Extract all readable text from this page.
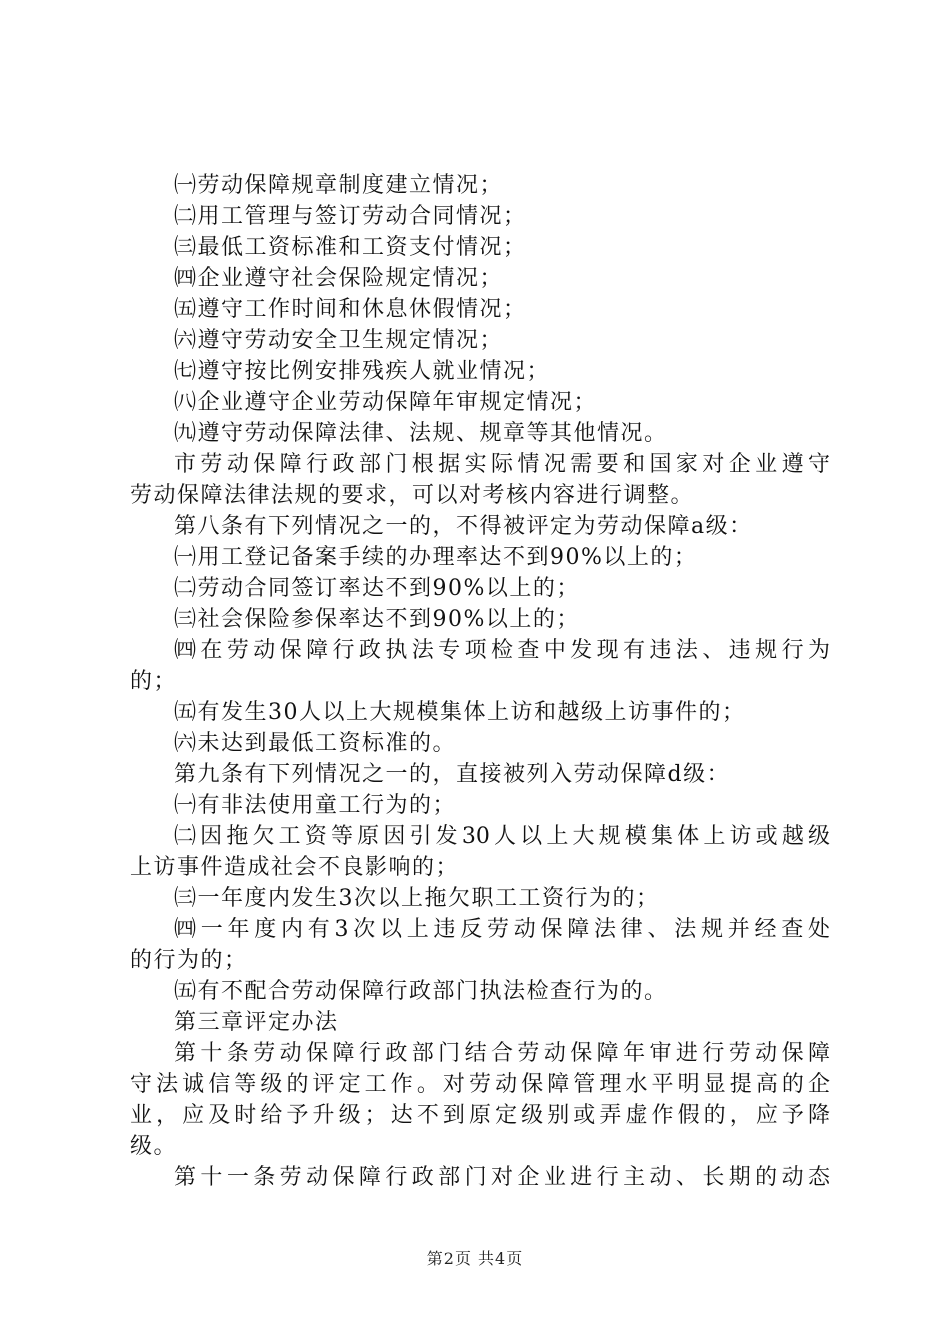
㈠劳动保障规章制度建立情况；
㈡用工管理与签订劳动合同情况；
㈢最低工资标准和工资支付情况；
㈣企业遵守社会保险规定情况；
㈤遵守工作时间和休息休假情况；
㈥遵守劳动安全卫生规定情况；
㈦遵守按比例安排残疾人就业情况；
㈧企业遵守企业劳动保障年审规定情况；
㈨遵守劳动保障法律、法规、规章等其他情况。
市劳动保障行政部门根据实际情况需要和国家对企业遵守
劳动保障法律法规的要求，可以对考核内容进行调整。
第八条有下列情况之一的，不得被评定为劳动保障a级：
㈠用工登记备案手续的办理率达不到90%以上的；
㈡劳动合同签订率达不到90%以上的；
㈢社会保险参保率达不到90%以上的；
㈣在劳动保障行政执法专项检查中发现有违法、违规行为
的；
㈤有发生30人以上大规模集体上访和越级上访事件的；
㈥未达到最低工资标准的。
第九条有下列情况之一的，直接被列入劳动保障d级：
㈠有非法使用童工行为的；
㈡因拖欠工资等原因引发30人以上大规模集体上访或越级
上访事件造成社会不良影响的；
㈢一年度内发生3次以上拖欠职工工资行为的；
㈣一年度内有3次以上违反劳动保障法律、法规并经查处
的行为的；
㈤有不配合劳动保障行政部门执法检查行为的。
第三章评定办法
第十条劳动保障行政部门结合劳动保障年审进行劳动保障
守法诚信等级的评定工作。对劳动保障管理水平明显提高的企
业，应及时给予升级；达不到原定级别或弄虚作假的，应予降
级。
第十一条劳动保障行政部门对企业进行主动、长期的动态
第2页 共4页
